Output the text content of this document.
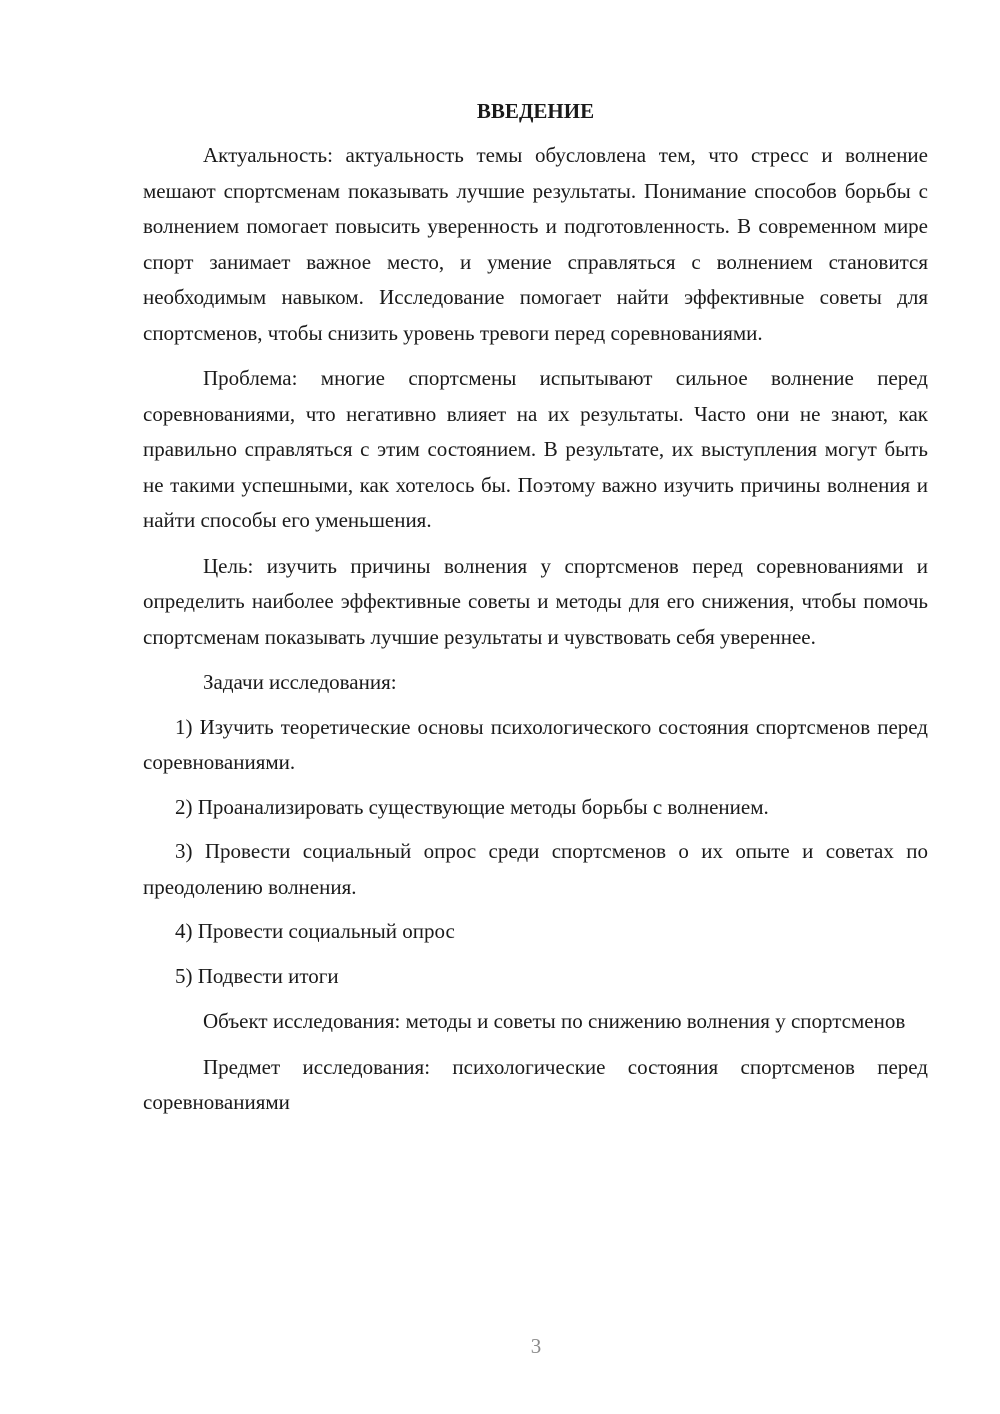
ВВЕДЕНИЕ

Актуальность: актуальность темы обусловлена тем, что стресс и волнение мешают спортсменам показывать лучшие результаты. Понимание способов борьбы с волнением помогает повысить уверенность и подготовленность. В современном мире спорт занимает важное место, и умение справляться с волнением становится необходимым навыком. Исследование помогает найти эффективные советы для спортсменов, чтобы снизить уровень тревоги перед соревнованиями.

Проблема: многие спортсмены испытывают сильное волнение перед соревнованиями, что негативно влияет на их результаты. Часто они не знают, как правильно справляться с этим состоянием. В результате, их выступления могут быть не такими успешными, как хотелось бы. Поэтому важно изучить причины волнения и найти способы его уменьшения.

Цель: изучить причины волнения у спортсменов перед соревнованиями и определить наиболее эффективные советы и методы для его снижения, чтобы помочь спортсменам показывать лучшие результаты и чувствовать себя увереннее.

Задачи исследования:

1) Изучить теоретические основы психологического состояния спортсменов перед соревнованиями.

2) Проанализировать существующие методы борьбы с волнением.

3) Провести социальный опрос среди спортсменов о их опыте и советах по преодолению волнения.

4) Провести социальный опрос

5) Подвести итоги

Объект исследования: методы и советы по снижению волнения у спортсменов

Предмет исследования: психологические состояния спортсменов перед соревнованиями

3
